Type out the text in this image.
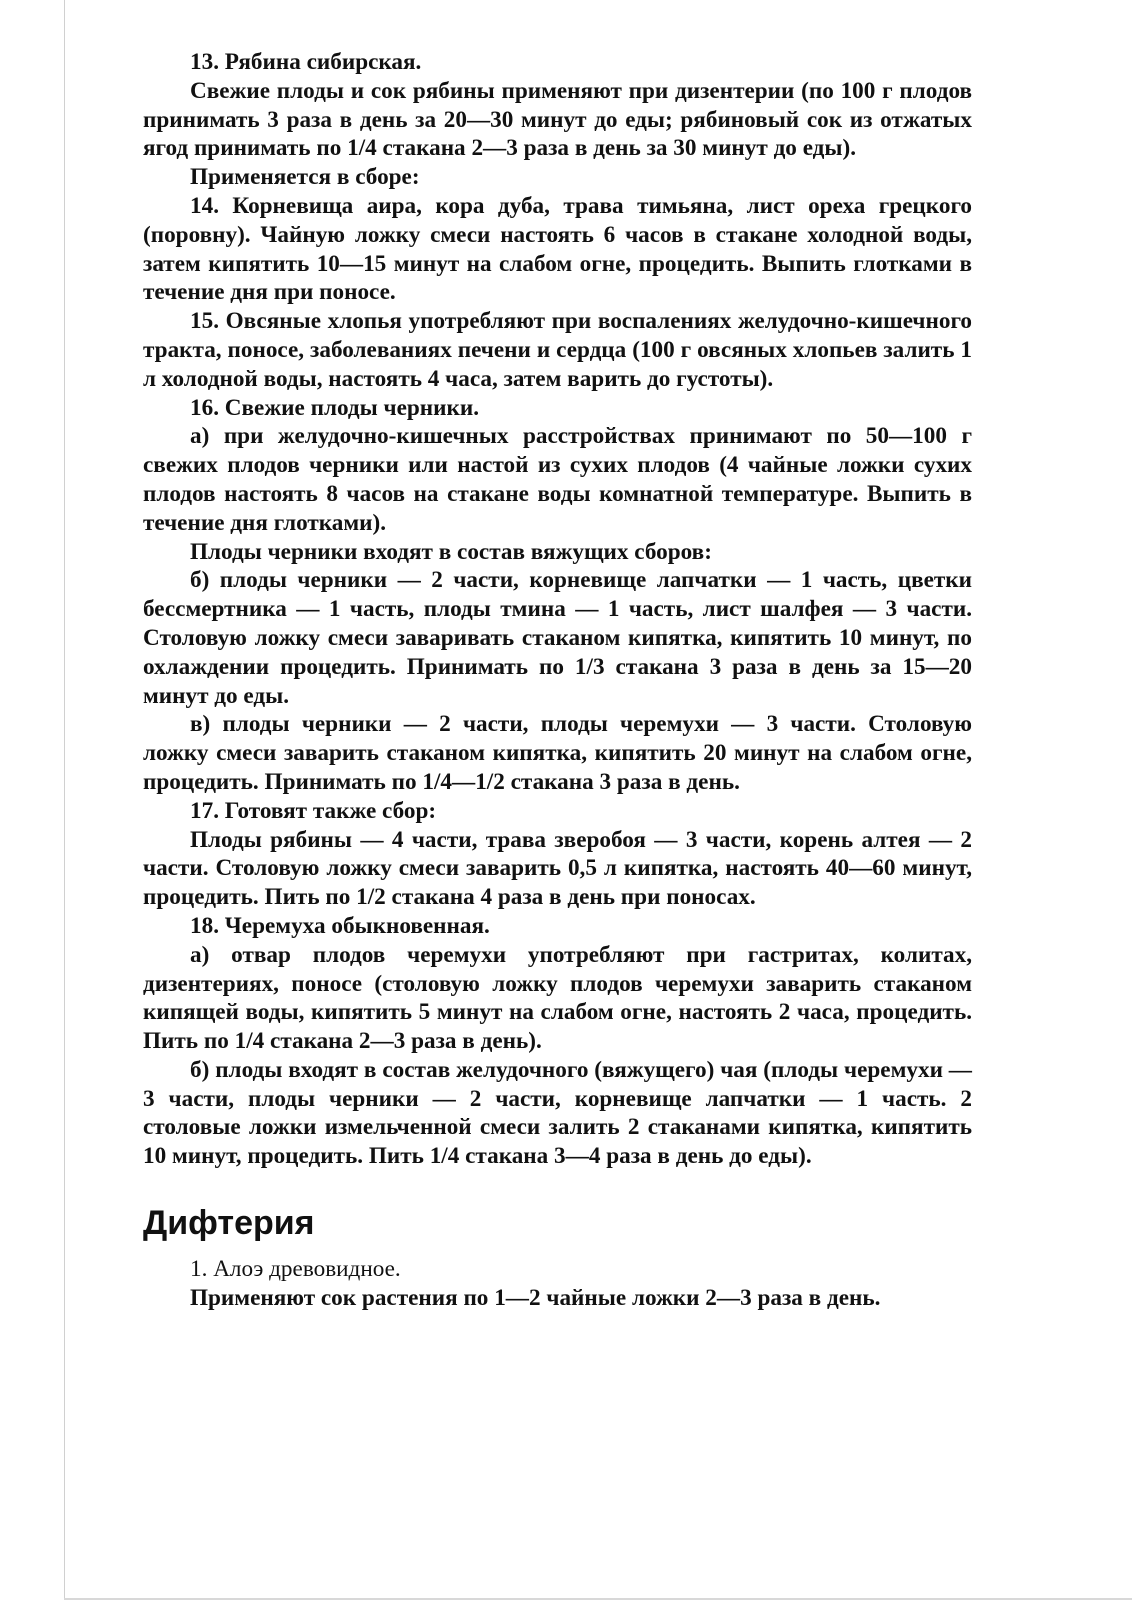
13. Рябина сибирская.

Свежие плоды и сок рябины применяют при дизентерии (по 100 г плодов принимать 3 раза в день за 20—30 минут до еды; рябиновый сок из отжатых ягод принимать по 1/4 стакана 2—3 раза в день за 30 минут до еды).

Применяется в сборе:

14. Корневища аира, кора дуба, трава тимьяна, лист ореха грецкого (поровну). Чайную ложку смеси настоять 6 часов в стакане холодной воды, затем кипятить 10—15 минут на слабом огне, процедить. Выпить глотками в течение дня при поносе.

15. Овсяные хлопья употребляют при воспалениях желудочно-кишечного тракта, поносе, заболеваниях печени и сердца (100 г овсяных хлопьев залить 1 л холодной воды, настоять 4 часа, затем варить до густоты).

16. Свежие плоды черники.

а) при желудочно-кишечных расстройствах принимают по 50—100 г свежих плодов черники или настой из сухих плодов (4 чайные ложки сухих плодов настоять 8 часов на стакане воды комнатной температуре. Выпить в течение дня глотками).

Плоды черники входят в состав вяжущих сборов:

б) плоды черники — 2 части, корневище лапчатки — 1 часть, цветки бессмертника — 1 часть, плоды тмина — 1 часть, лист шалфея — 3 части. Столовую ложку смеси заваривать стаканом кипятка, кипятить 10 минут, по охлаждении процедить. Принимать по 1/3 стакана 3 раза в день за 15—20 минут до еды.

в) плоды черники — 2 части, плоды черемухи — 3 части. Столовую ложку смеси заварить стаканом кипятка, кипятить 20 минут на слабом огне, процедить. Принимать по 1/4—1/2 стакана 3 раза в день.

17. Готовят также сбор:

Плоды рябины — 4 части, трава зверобоя — 3 части, корень алтея — 2 части. Столовую ложку смеси заварить 0,5 л кипятка, настоять 40—60 минут, процедить. Пить по 1/2 стакана 4 раза в день при поносах.

18. Черемуха обыкновенная.

а) отвар плодов черемухи употребляют при гастритах, колитах, дизентериях, поносе (столовую ложку плодов черемухи заварить стаканом кипящей воды, кипятить 5 минут на слабом огне, настоять 2 часа, процедить. Пить по 1/4 стакана 2—3 раза в день).

б) плоды входят в состав желудочного (вяжущего) чая (плоды черемухи — 3 части, плоды черники — 2 части, корневище лапчатки — 1 часть. 2 столовые ложки измельченной смеси залить 2 стаканами кипятка, кипятить 10 минут, процедить. Пить 1/4 стакана 3—4 раза в день до еды).

Дифтерия

1. Алоэ древовидное.

Применяют сок растения по 1—2 чайные ложки 2—3 раза в день.
